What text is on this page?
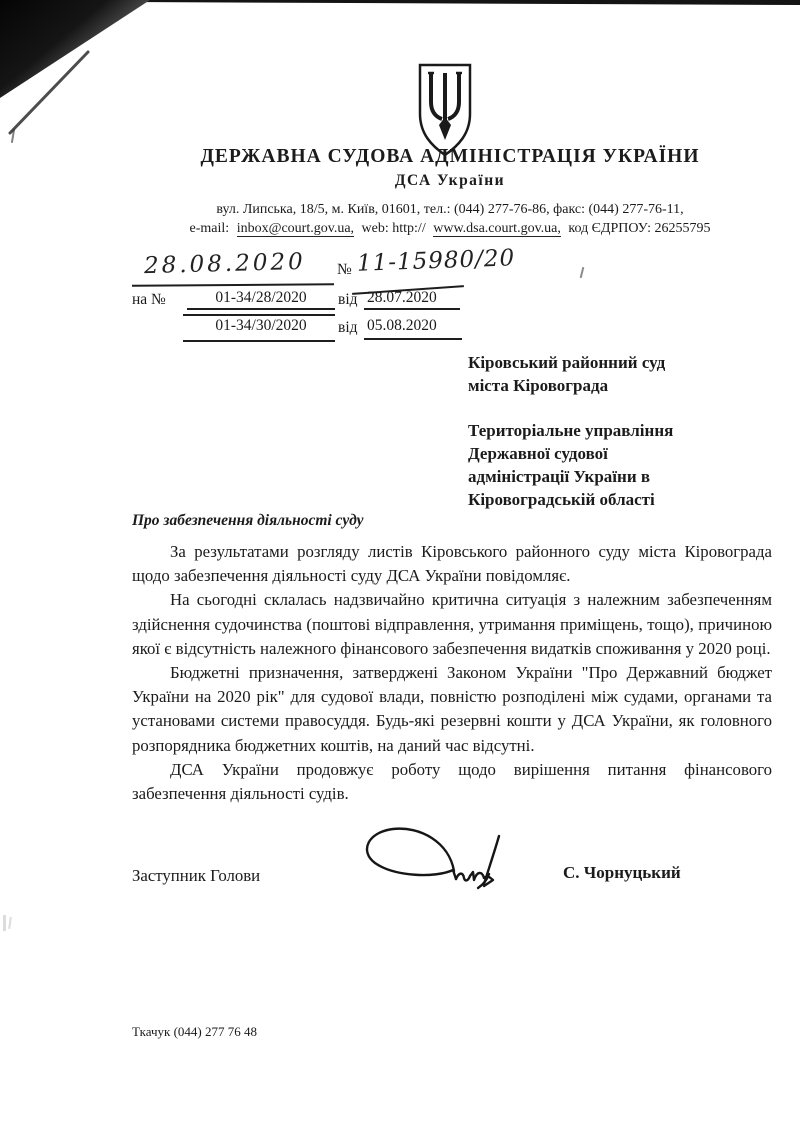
ДЕРЖАВНА СУДОВА АДМІНІСТРАЦІЯ УКРАЇНИ
ДСА України
вул. Липська, 18/5, м. Київ, 01601, тел.: (044) 277-76-86, факс: (044) 277-76-11,
e-mail: inbox@court.gov.ua, web: http:// www.dsa.court.gov.ua, код ЄДРПОУ: 26255795
28.08.2020 № 11-15980/20
на №	01-34/28/2020	від 28.07.2020
01-34/30/2020	від 05.08.2020
Кіровський районний суд
міста Кіровограда
Територіальне управління
Державної судової
адміністрації України в
Кіровоградській області
Про забезпечення діяльності суду

За результатами розгляду листів Кіровського районного суду міста Кіровограда щодо забезпечення діяльності суду ДСА України повідомляє.

На сьогодні склалась надзвичайно критична ситуація з належним забезпеченням здійснення судочинства (поштові відправлення, утримання приміщень, тощо), причиною якої є відсутність належного фінансового забезпечення видатків споживання у 2020 році.

Бюджетні призначення, затверджені Законом України "Про Державний бюджет України на 2020 рік" для судової влади, повністю розподілені між судами, органами та установами системи правосуддя. Будь-які резервні кошти у ДСА України, як головного розпорядника бюджетних коштів, на даний час відсутні.

ДСА України продовжує роботу щодо вирішення питання фінансового забезпечення діяльності судів.

Заступник Голови	С. Чорнуцький
Ткачук (044) 277 76 48
